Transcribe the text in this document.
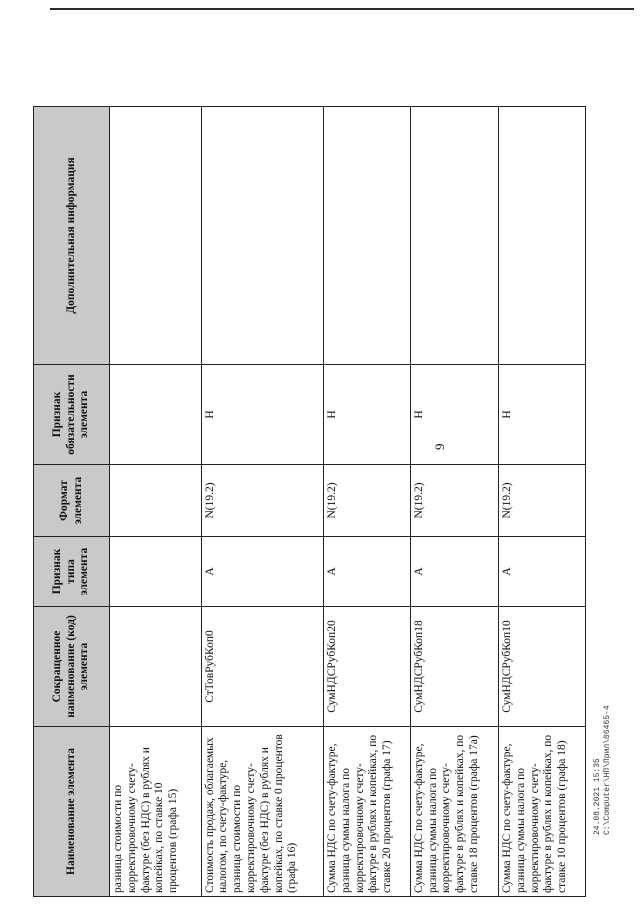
9
Наименование элемента	Сокращенное наименование (код) элемента	Признак типа элемента	Формат элемента	Признак обязательности элемента	Дополнительная информация
разница стоимости по корректировочному счету-фактуре (без НДС) в рублях и копейках, по ставке 10 процентов (графа 15)					
Стоимость продаж, облагаемых налогом, по счету-фактуре, разница стоимости по корректировочному счету-фактуре (без НДС) в рублях и копейках, по ставке 0 процентов (графа 16)	СтТовРубКоп0	А	N(19.2)	Н	
Сумма НДС по счету-фактуре, разница суммы налога по корректировочному счету-фактуре в рублях и копейках, по ставке 20 процентов (графа 17)	СумНДСРубКоп20	А	N(19.2)	Н	
Сумма НДС по счету-фактуре, разница суммы налога по корректировочному счету-фактуре в рублях и копейках, по ставке 18 процентов (графа 17а)	СумНДСРубКоп18	А	N(19.2)	Н	
Сумма НДС по счету-фактуре, разница суммы налога по корректировочному счету-фактуре в рублях и копейках, по ставке 10 процентов (графа 18)	СумНДСРубКоп10	А	N(19.2)	Н	
24.08.2021 15:35 C:\Computer\НП\Прил\06465-4
